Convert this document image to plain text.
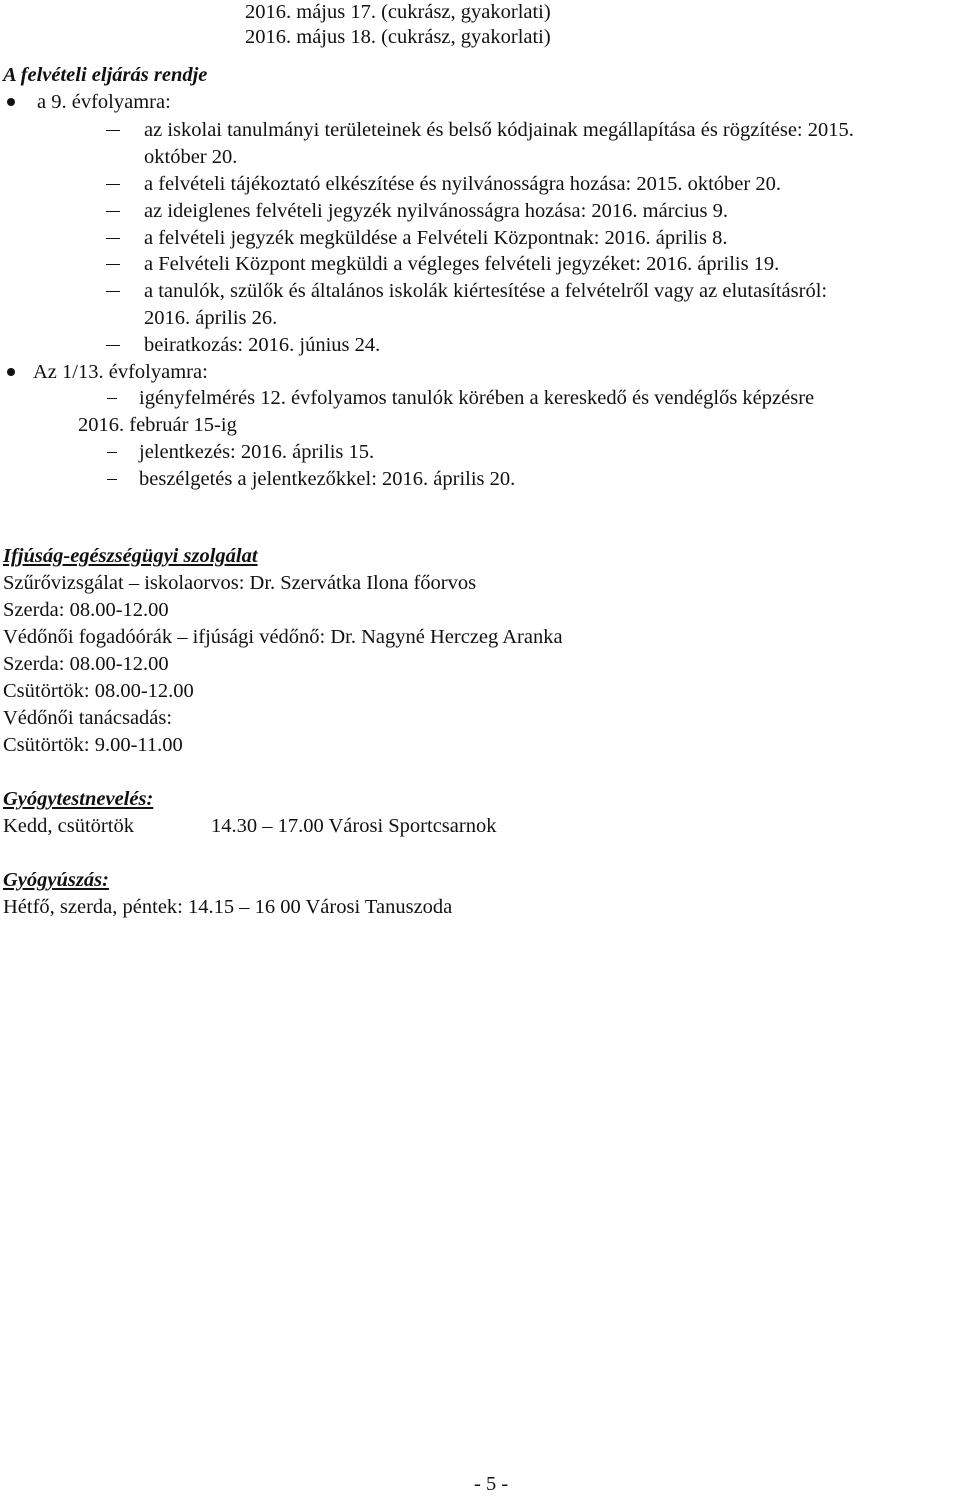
2016. május 17. (cukrász, gyakorlati)
2016. május 18. (cukrász, gyakorlati)
A felvételi eljárás rendje
a 9. évfolyamra:
az iskolai tanulmányi területeinek és belső kódjainak megállapítása és rögzítése: 2015.
október 20.
a felvételi tájékoztató elkészítése és nyilvánosságra hozása: 2015. október 20.
az ideiglenes felvételi jegyzék nyilvánosságra hozása: 2016. március 9.
a felvételi jegyzék megküldése a Felvételi Központnak: 2016. április 8.
a Felvételi Központ megküldi a végleges felvételi jegyzéket: 2016. április 19.
a tanulók, szülők és általános iskolák kiértesítése a felvételről vagy az elutasításról:
2016. április 26.
beiratkozás: 2016. június 24.
Az 1/13. évfolyamra:
igényfelmérés 12. évfolyamos tanulók körében a kereskedő és vendéglős képzésre
2016. február 15-ig
jelentkezés: 2016. április 15.
beszélgetés a jelentkezőkkel: 2016. április 20.
Ifjúság-egészségügyi szolgálat
Szűrővizsgálat – iskolaorvos: Dr. Szervátka Ilona főorvos
Szerda: 08.00-12.00
Védőnői fogadóórák – ifjúsági védőnő: Dr. Nagyné Herczeg Aranka
Szerda: 08.00-12.00
Csütörtök: 08.00-12.00
Védőnői tanácsadás:
Csütörtök: 9.00-11.00
Gyógytestnevelés:
Kedd, csütörtök	14.30 – 17.00 Városi Sportcsarnok
Gyógyúszás:
Hétfő, szerda, péntek: 14.15 – 16 00 Városi Tanuszoda
- 5 -
